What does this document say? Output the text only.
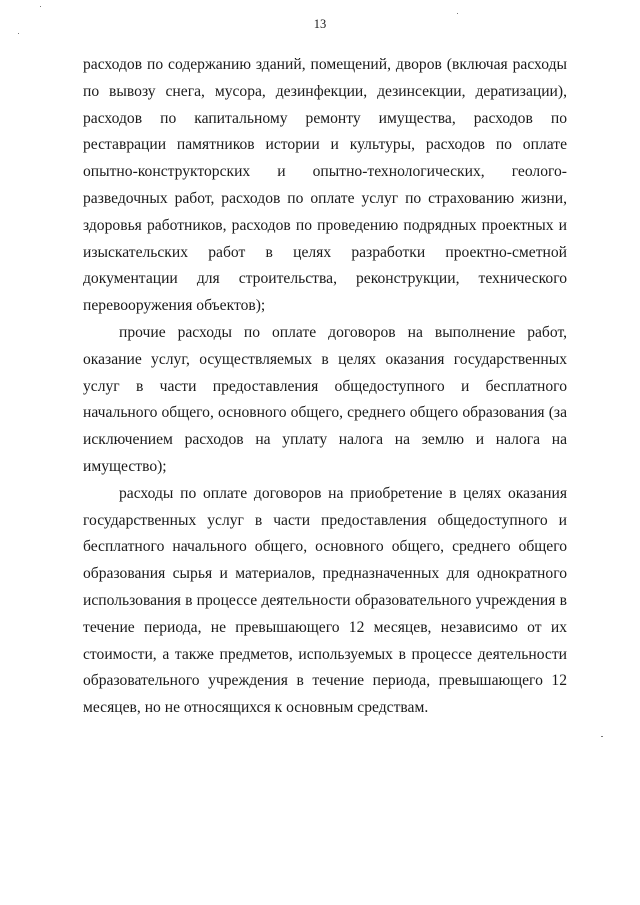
13

расходов по содержанию зданий, помещений, дворов (включая расходы по вывозу снега, мусора, дезинфекции, дезинсекции, дератизации), расходов по капитальному ремонту имущества, расходов по реставрации памятников истории и культуры, расходов по оплате опытно-конструкторских и опытно-технологических, геолого-разведочных работ, расходов по оплате услуг по страхованию жизни, здоровья работников, расходов по проведению подрядных проектных и изыскательских работ в целях разработки проектно-сметной документации для строительства, реконструкции, технического перевооружения объектов);

прочие расходы по оплате договоров на выполнение работ, оказание услуг, осуществляемых в целях оказания государственных услуг в части предоставления общедоступного и бесплатного начального общего, основного общего, среднего общего образования (за исключением расходов на уплату налога на землю и налога на имущество);

расходы по оплате договоров на приобретение в целях оказания государственных услуг в части предоставления общедоступного и бесплатного начального общего, основного общего, среднего общего образования сырья и материалов, предназначенных для однократного использования в процессе деятельности образовательного учреждения в течение периода, не превышающего 12 месяцев, независимо от их стоимости, а также предметов, используемых в процессе деятельности образовательного учреждения в течение периода, превышающего 12 месяцев, но не относящихся к основным средствам.
